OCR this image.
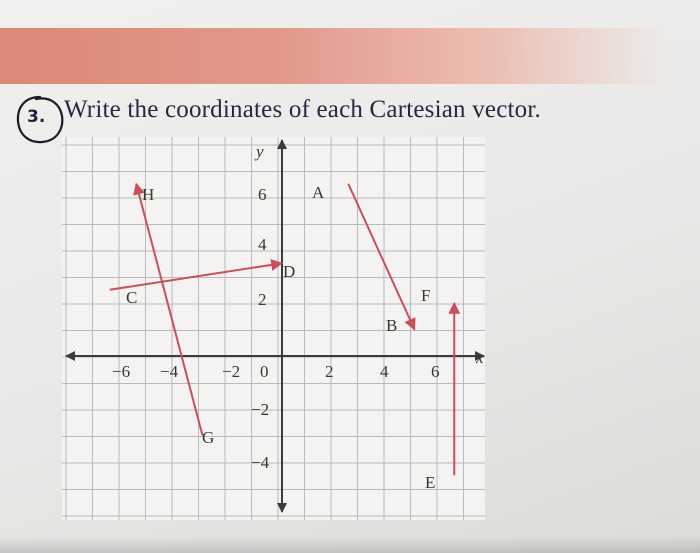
3. Write the coordinates of each Cartesian vector.
x
y
−6 −4	−2 0	2	4	6
6
4
2
−2
−4
H	A
D
C	F
B
G
E
